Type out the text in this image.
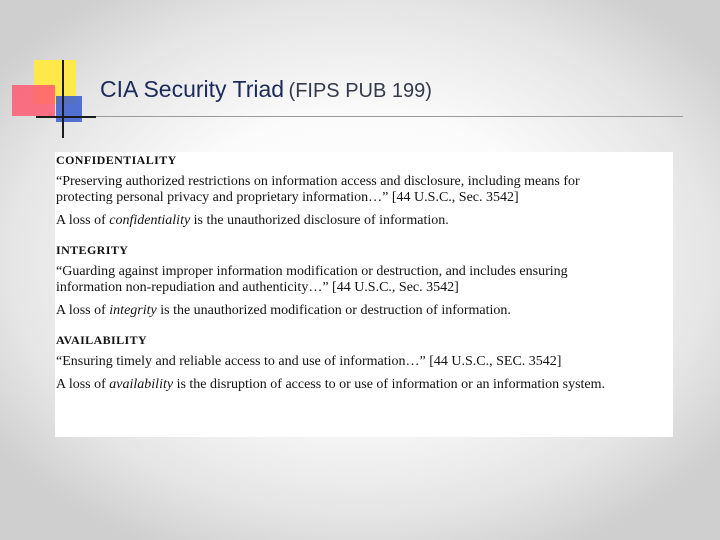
CIA Security Triad (FIPS PUB 199)
CONFIDENTIALITY
“Preserving authorized restrictions on information access and disclosure, including means for
protecting personal privacy and proprietary information…” [44 U.S.C., Sec. 3542]
A loss of confidentiality is the unauthorized disclosure of information.
INTEGRITY
“Guarding against improper information modification or destruction, and includes ensuring
information non-repudiation and authenticity…” [44 U.S.C., Sec. 3542]
A loss of integrity is the unauthorized modification or destruction of information.
AVAILABILITY
“Ensuring timely and reliable access to and use of information…” [44 U.S.C., SEC. 3542]
A loss of availability is the disruption of access to or use of information or an information system.
